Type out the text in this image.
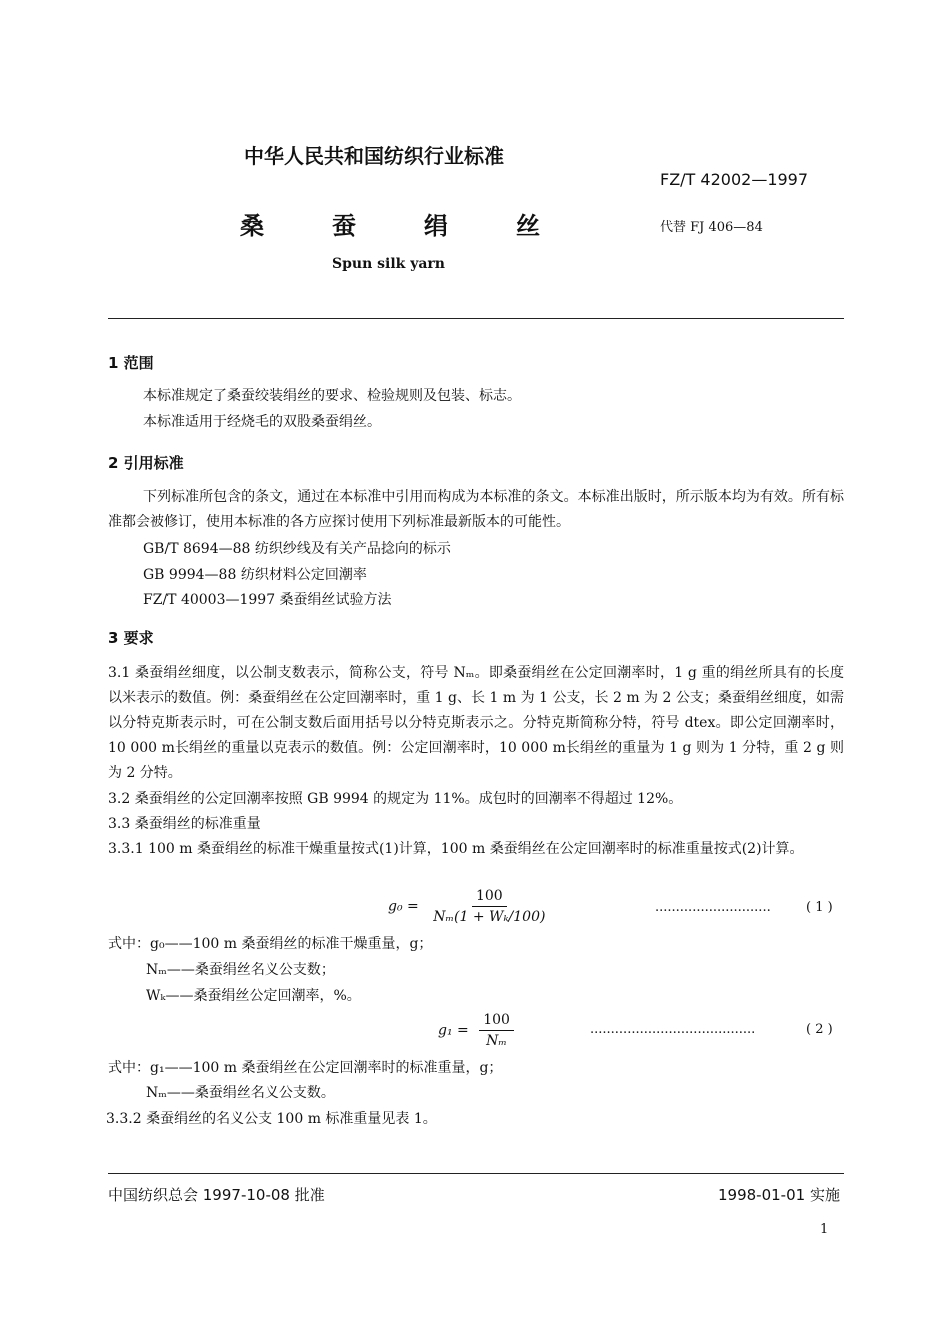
中华人民共和国纺织行业标准
FZ/T 42002—1997
桑	蚕	绢	丝	代替 FJ 406—84
Spun silk yarn
1 范围
本标准规定了桑蚕绞装绢丝的要求、检验规则及包装、标志。
本标准适用于经烧毛的双股桑蚕绢丝。
2 引用标准
下列标准所包含的条文，通过在本标准中引用而构成为本标准的条文。本标准出版时，所示版本均为有效。所有标准都会被修订，使用本标准的各方应探讨使用下列标准最新版本的可能性。
GB/T 8694—88 纺织纱线及有关产品捻向的标示
GB 9994—88 纺织材料公定回潮率
FZ/T 40003—1997 桑蚕绢丝试验方法
3 要求
3.1 桑蚕绢丝细度，以公制支数表示，简称公支，符号 Nₘ。即桑蚕绢丝在公定回潮率时，1 g 重的绢丝所具有的长度以米表示的数值。例：桑蚕绢丝在公定回潮率时，重 1 g、长 1 m 为 1 公支，长 2 m 为 2 公支；桑蚕绢丝细度，如需以分特克斯表示时，可在公制支数后面用括号以分特克斯表示之。分特克斯简称分特，符号 dtex。即公定回潮率时，10 000 m长绢丝的重量以克表示的数值。例：公定回潮率时，10 000 m长绢丝的重量为 1 g 则为 1 分特，重 2 g 则为 2 分特。
3.2 桑蚕绢丝的公定回潮率按照 GB 9994 的规定为 11%。成包时的回潮率不得超过 12%。
3.3 桑蚕绢丝的标准重量
3.3.1 100 m 桑蚕绢丝的标准干燥重量按式(1)计算，100 m 桑蚕绢丝在公定回潮率时的标准重量按式(2)计算。
$g_0 = \frac{100}{\text{Nₘ(1 + Wₖ/100)}}$	............................	( 1 )
式中：g₀——100 m 桑蚕绢丝的标准干燥重量，g；
Nₘ——桑蚕绢丝名义公支数；
Wₖ——桑蚕绢丝公定回潮率，%。
$g_1 = \frac{100}{\text{Nₘ}}$	........................................	( 2 )
式中：g₁——100 m 桑蚕绢丝在公定回潮率时的标准重量，g；
Nₘ——桑蚕绢丝名义公支数。
3.3.2 桑蚕绢丝的名义公支 100 m 标准重量见表 1。
中国纺织总会 1997-10-08 批准	1998-01-01 实施
1
